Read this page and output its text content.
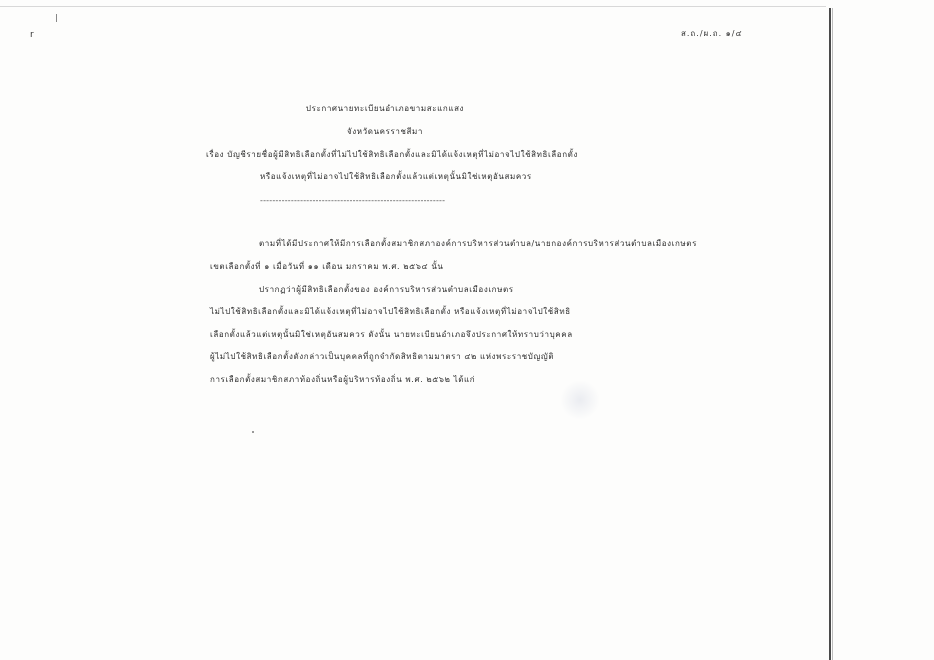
r	ส.ถ./ผ.ถ. ๑/๔
ประกาศนายทะเบียนอำเภอขามสะแกแสง
จังหวัดนครราชสีมา
เรื่อง บัญชีรายชื่อผู้มีสิทธิเลือกตั้งที่ไม่ไปใช้สิทธิเลือกตั้งและมิได้แจ้งเหตุที่ไม่อาจไปใช้สิทธิเลือกตั้ง
หรือแจ้งเหตุที่ไม่อาจไปใช้สิทธิเลือกตั้งแล้วแต่เหตุนั้นมิใช่เหตุอันสมควร
------------------------------------------------------------
ตามที่ได้มีประกาศให้มีการเลือกตั้งสมาชิกสภาองค์การบริหารส่วนตำบล/นายกองค์การบริหารส่วนตำบลเมืองเกษตร
เขตเลือกตั้งที่ ๑ เมื่อวันที่ ๑๑ เดือน มกราคม พ.ศ. ๒๕๖๔ นั้น
ปรากฏว่าผู้มีสิทธิเลือกตั้งของ องค์การบริหารส่วนตำบลเมืองเกษตร
ไม่ไปใช้สิทธิเลือกตั้งและมิได้แจ้งเหตุที่ไม่อาจไปใช้สิทธิเลือกตั้ง หรือแจ้งเหตุที่ไม่อาจไปใช้สิทธิ
เลือกตั้งแล้วแต่เหตุนั้นมิใช่เหตุอันสมควร ดังนั้น นายทะเบียนอำเภอจึงประกาศให้ทราบว่าบุคคล
ผู้ไม่ไปใช้สิทธิเลือกตั้งดังกล่าวเป็นบุคคลที่ถูกจำกัดสิทธิตามมาตรา ๔๒ แห่งพระราชบัญญัติ
การเลือกตั้งสมาชิกสภาท้องถิ่นหรือผู้บริหารท้องถิ่น พ.ศ. ๒๕๖๒ ได้แก่
